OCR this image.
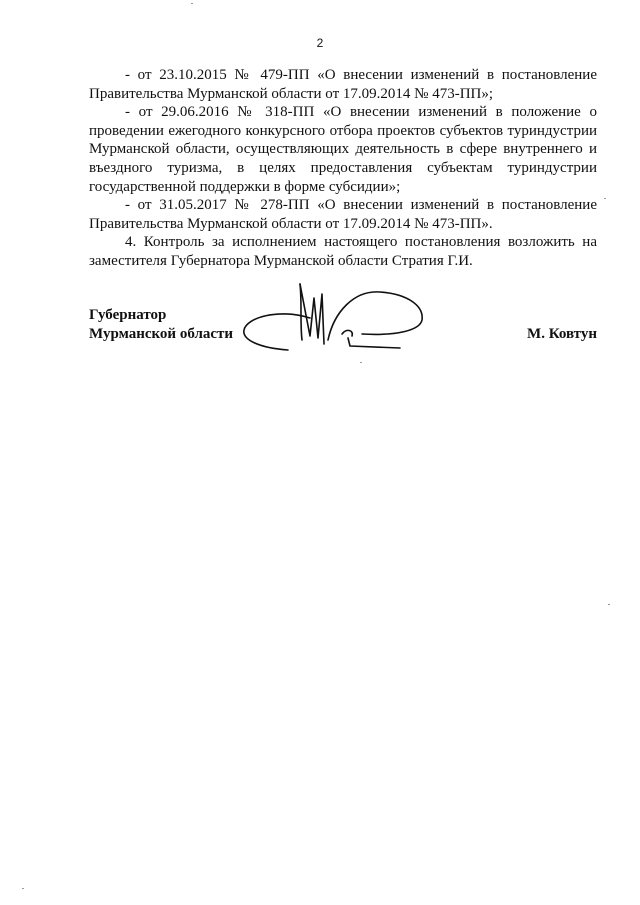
2

- от 23.10.2015 № 479-ПП «О внесении изменений в постановление Правительства Мурманской области от 17.09.2014 № 473-ПП»;

- от 29.06.2016 № 318-ПП «О внесении изменений в положение о проведении ежегодного конкурсного отбора проектов субъектов туриндустрии Мурманской области, осуществляющих деятельность в сфере внутреннего и въездного туризма, в целях предоставления субъектам туриндустрии государственной поддержки в форме субсидии»;

- от 31.05.2017 № 278-ПП «О внесении изменений в постановление Правительства Мурманской области от 17.09.2014 № 473-ПП».

4. Контроль за исполнением настоящего постановления возложить на заместителя Губернатора Мурманской области Стратия Г.И.

Губернатор
Мурманской области	М. Ковтун
